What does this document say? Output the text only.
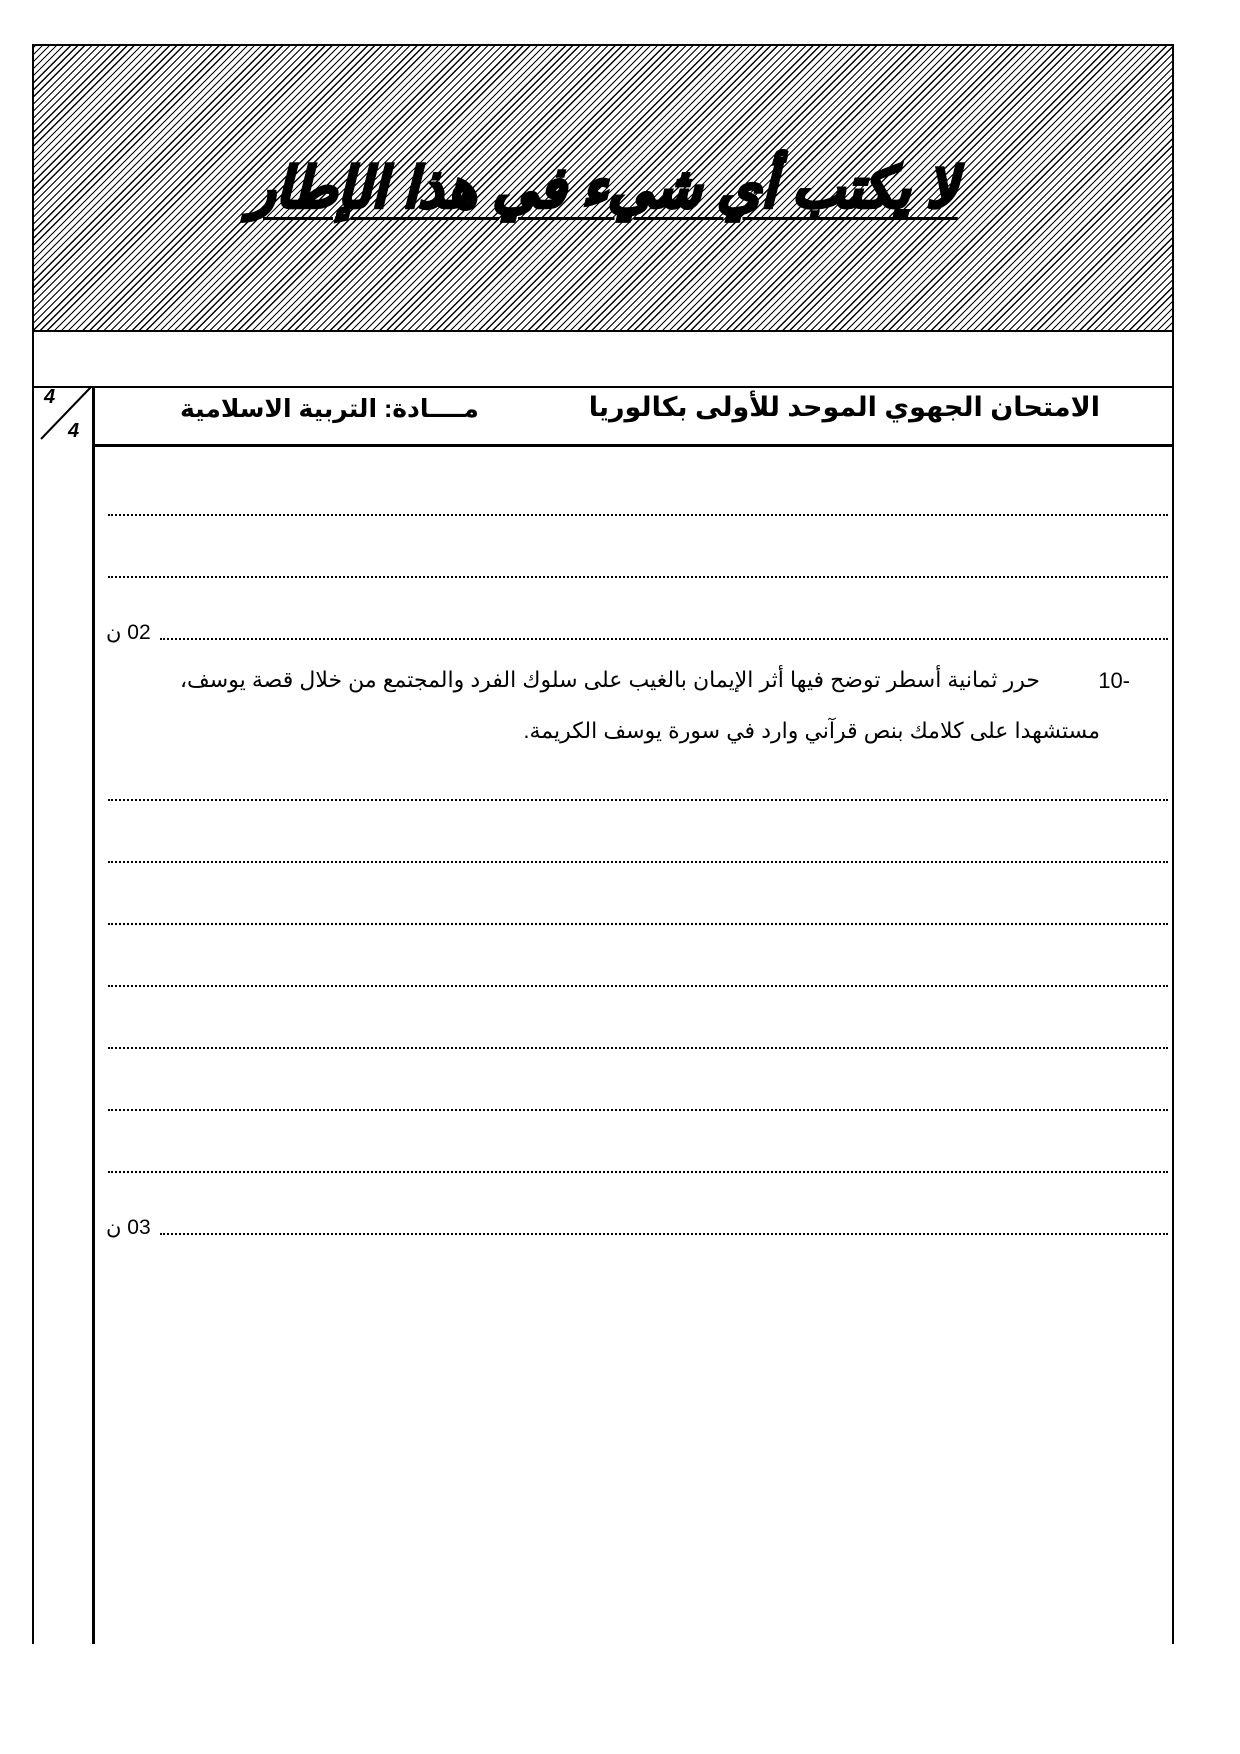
لا يكتب أي شيء في هذا الإطار
4
4
الامتحان الجهوي الموحد للأولى بكالوريا
مــــادة: التربية الاسلامية
02 ن
10-
حرر ثمانية أسطر توضح فيها أثر الإيمان بالغيب على سلوك الفرد والمجتمع من خلال قصة يوسف،
مستشهدا على كلامك بنص قرآني وارد في سورة يوسف الكريمة.
03 ن
